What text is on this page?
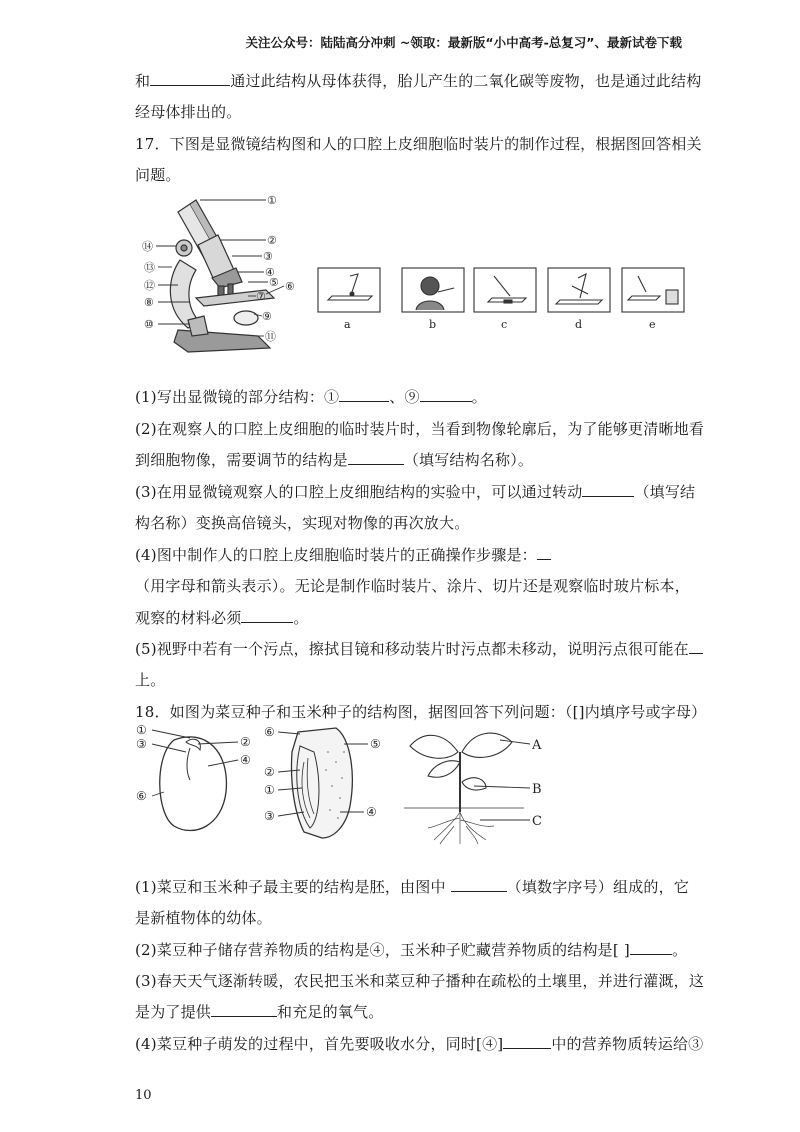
关注公众号：陆陆高分冲刺 ~领取：最新版“小中高考-总复习”、最新试卷下载
和	通过此结构从母体获得，胎儿产生的二氧化碳等废物，也是通过此结构
经母体排出的。
17．下图是显微镜结构图和人的口腔上皮细胞临时装片的制作过程，根据图回答相关
问题。
①
②
③
④
⑤ ⑥
⑦
⑧
⑨
⑩
⑪
⑫
⑬
⑭
a	b	c	d	e
(1)写出显微镜的部分结构：①	、⑨	。
(2)在观察人的口腔上皮细胞的临时装片时，当看到物像轮廓后，为了能够更清晰地看
到细胞物像，需要调节的结构是	（填写结构名称）。
(3)在用显微镜观察人的口腔上皮细胞结构的实验中，可以通过转动	（填写结
构名称）变换高倍镜头，实现对物像的再次放大。
(4)图中制作人的口腔上皮细胞临时装片的正确操作步骤是：
（用字母和箭头表示）。无论是制作临时装片、涂片、切片还是观察临时玻片标本，
观察的材料必须	。
(5)视野中若有一个污点，擦拭目镜和移动装片时污点都未移动，说明污点很可能在
上。
18．如图为菜豆种子和玉米种子的结构图，据图回答下列问题：（[]内填序号或字母）
①
③	②
④
⑥
⑥
⑤
②
①
③	④
A
B
C
(1)菜豆和玉米种子最主要的结构是胚，由图中	（填数字序号）组成的，它
是新植物体的幼体。
(2)菜豆种子储存营养物质的结构是④，玉米种子贮藏营养物质的结构是[ ]	。
(3)春天天气逐渐转暖，农民把玉米和菜豆种子播种在疏松的土壤里，并进行灌溉，这
是为了提供	和充足的氧气。
(4)菜豆种子萌发的过程中，首先要吸收水分，同时[④]	中的营养物质转运给③
10
